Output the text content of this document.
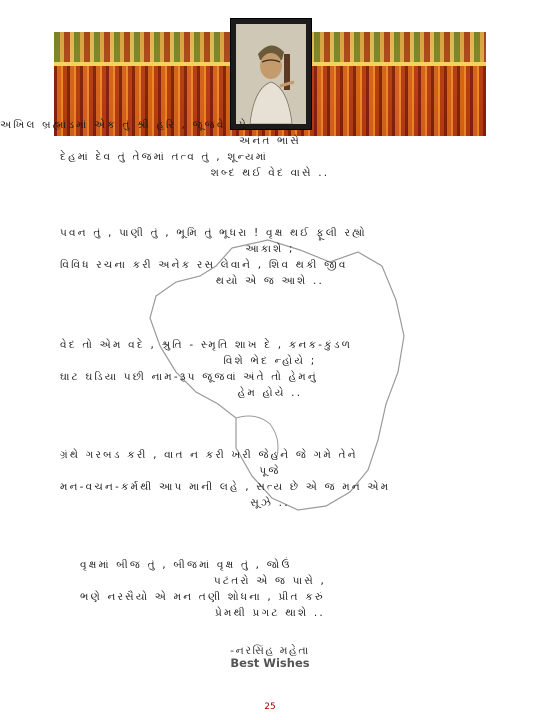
અખિલ બ્રહ્માંડમાં એક તું શ્રી હરિ , જૂજવે રૂપે
અનંત ભાસે
દેહમાં દેવ તું તેજમાં તત્વ તું , શૂન્યમાં
શબ્દ થઈ વેદ વાસે ..
પવન તું , પાણી તું , ભૂમિ તું ભૂધરા ! વૃક્ષ થઈ ફૂલી રહ્યો
આકાશે ;
વિવિધ રચના કરી અનેક રસ લેવાને , શિવ થકી જીવ
થયો એ જ આશે ..
વેદ તો એમ વદે , શ્રુતિ - સ્મૃતિ શાખ દે , કનક-કુંડળ
વિશે ભેદ ન્હોયે ;
ઘાટ ઘડિયા પછી નામ-રૂપ જૂજવાં અંતે તો હેમનું
હેમ હોયે ..
ગ્રંથે ગરબડ કરી , વાત ન કરી ખરી જેહને જે ગમે તેને
પૂજે
મન-વચન-કર્મથી આપ માની લહે , સત્ય છે એ જ મન એમ
સૂઝે ..
વૃક્ષમાં બીજ તું , બીજમાં વૃક્ષ તું , જોઉં
પટંતરો એ જ પાસે ,
ભણે નરસૈયો એ મન તણી શોધના , પ્રીત કરું
પ્રેમથી પ્રગટ થાશે ..
-નરસિંહ મહેતા
Best Wishes
25
